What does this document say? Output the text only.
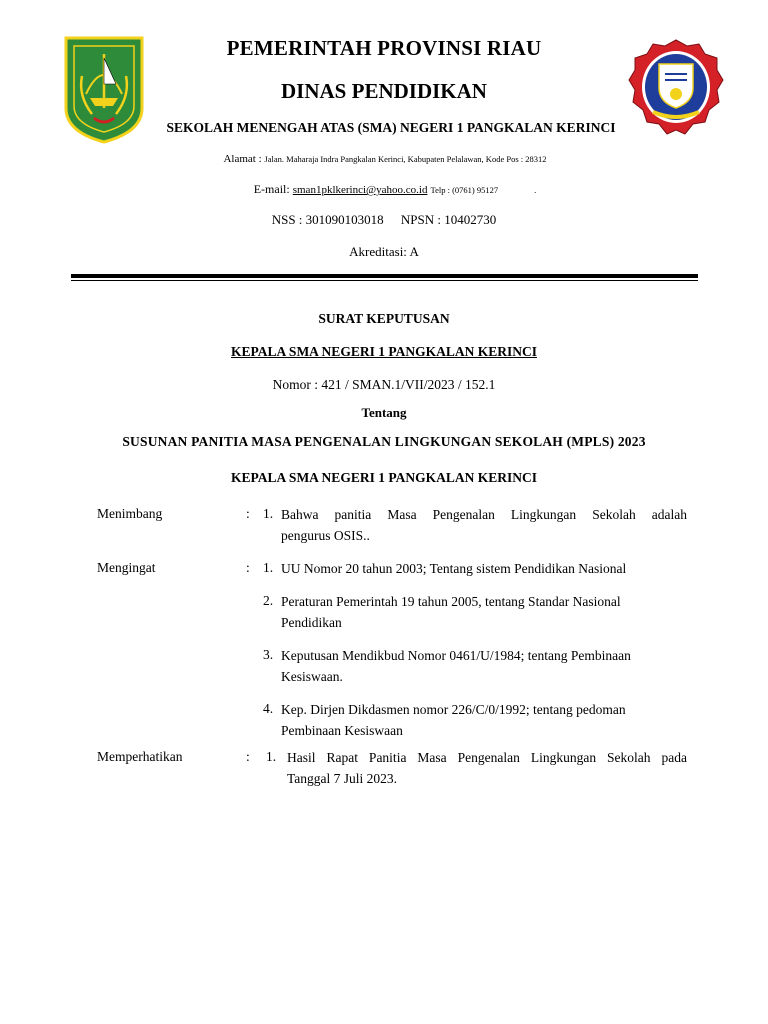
PEMERINTAH PROVINSI RIAU
DINAS PENDIDIKAN
SEKOLAH MENENGAH ATAS (SMA) NEGERI 1 PANGKALAN KERINCI
Alamat : Jalan. Maharaja Indra Pangkalan Kerinci, Kabupaten Pelalawan, Kode Pos : 28312
E-mail: sman1pklkerinci@yahoo.co.id Telp : (0761) 95127	.
NSS : 301090103018 NPSN : 10402730
Akreditasi: A
SURAT KEPUTUSAN
KEPALA SMA NEGERI 1 PANGKALAN KERINCI
Nomor : 421 / SMAN.1/VII/2023 / 152.1
Tentang
SUSUNAN PANITIA MASA PENGENALAN LINGKUNGAN SEKOLAH (MPLS) 2023
KEPALA SMA NEGERI 1 PANGKALAN KERINCI
Menimbang	: 1. Bahwa panitia Masa Pengenalan Lingkungan Sekolah adalah
pengurus OSIS..
Mengingat	: 1. UU Nomor 20 tahun 2003; Tentang sistem Pendidikan Nasional
2. Peraturan Pemerintah 19 tahun 2005, tentang Standar Nasional
Pendidikan
3. Keputusan Mendikbud Nomor 0461/U/1984; tentang Pembinaan
Kesiswaan.
4. Kep. Dirjen Dikdasmen nomor 226/C/0/1992; tentang pedoman
Pembinaan Kesiswaan
Memperhatikan	: 1. Hasil Rapat Panitia Masa Pengenalan Lingkungan Sekolah pada
Tanggal 7 Juli 2023.
